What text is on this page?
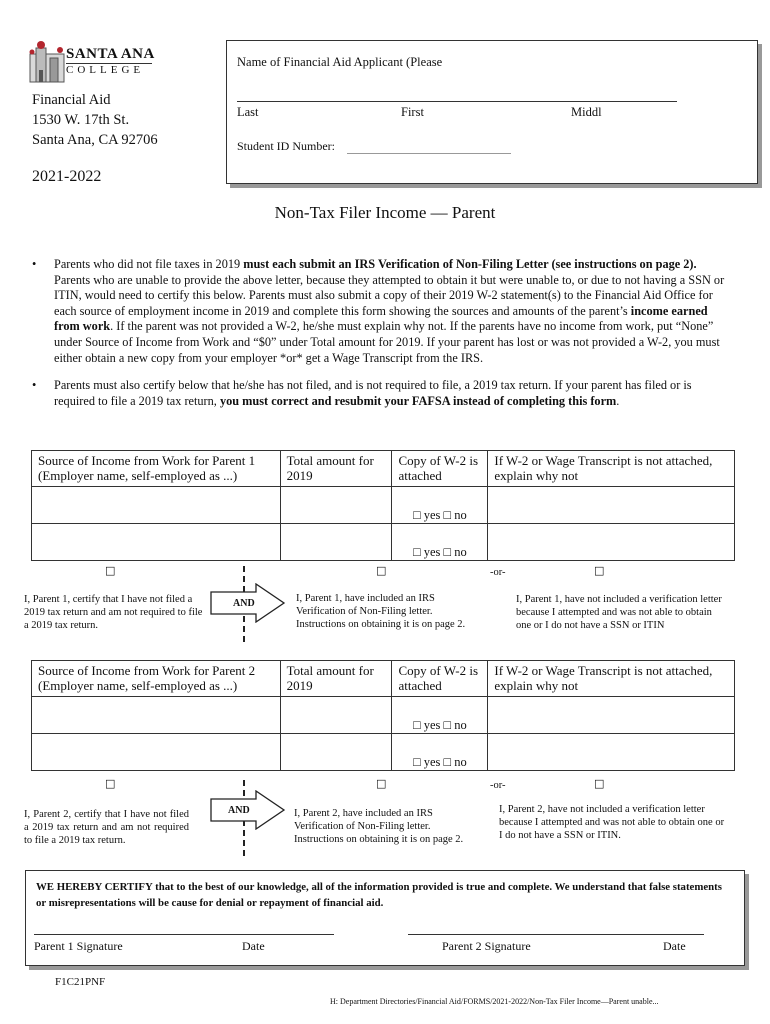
SANTA ANA
COLLEGE
Financial Aid
1530 W. 17th St.
Santa Ana, CA 92706
2021-2022
Name of Financial Aid Applicant (Please
Last	First	Middl
Student ID Number:
Non-Tax Filer Income — Parent
• Parents who did not file taxes in 2019 must each submit an IRS Verification of Non-Filing Letter (see instructions on page 2). Parents who are unable to provide the above letter, because they attempted to obtain it but were unable to, or due to not having a SSN or ITIN, would need to certify this below. Parents must also submit a copy of their 2019 W-2 statement(s) to the Financial Aid Office for each source of employment income in 2019 and complete this form showing the sources and amounts of the parent’s income earned from work. If the parent was not provided a W-2, he/she must explain why not. If the parents have no income from work, put “None” under Source of Income from Work and “$0” under Total amount for 2019. If your parent has lost or was not provided a W-2, you must either obtain a new copy from your employer *or* get a Wage Transcript from the IRS.
• Parents must also certify below that he/she has not filed, and is not required to file, a 2019 tax return. If your parent has filed or is required to file a 2019 tax return, you must correct and resubmit your FAFSA instead of completing this form.
Source of Income from Work for Parent 1 (Employer name, self-employed as ...)	Total amount for 2019	Copy of W-2 is attached	If W-2 or Wage Transcript is not attached, explain why not
		□ yes □ no	
		□ yes □ no	
□	□	-or-	□
AND
I, Parent 1, certify that I have not filed a 2019 tax return and am not required to file a 2019 tax return.
I, Parent 1, have included an IRS Verification of Non-Filing letter. Instructions on obtaining it is on page 2.
I, Parent 1, have not included a verification letter because I attempted and was not able to obtain one or I do not have a SSN or ITIN
Source of Income from Work for Parent 2 (Employer name, self-employed as ...)	Total amount for 2019	Copy of W-2 is attached	If W-2 or Wage Transcript is not attached, explain why not
		□ yes □ no	
		□ yes □ no	
□	□	-or-	□
AND
I, Parent 2, certify that I have not filed a 2019 tax return and am not required to file a 2019 tax return.
I, Parent 2, have included an IRS Verification of Non-Filing letter. Instructions on obtaining it is on page 2.
I, Parent 2, have not included a verification letter because I attempted and was not able to obtain one or I do not have a SSN or ITIN.
WE HEREBY CERTIFY that to the best of our knowledge, all of the information provided is true and complete. We understand that false statements or misrepresentations will be cause for denial or repayment of financial aid.
Parent 1 Signature	Date	Parent 2 Signature	Date
F1C21PNF
H: Department Directories/Financial Aid/FORMS/2021-2022/Non-Tax Filer Income—Parent unable...
